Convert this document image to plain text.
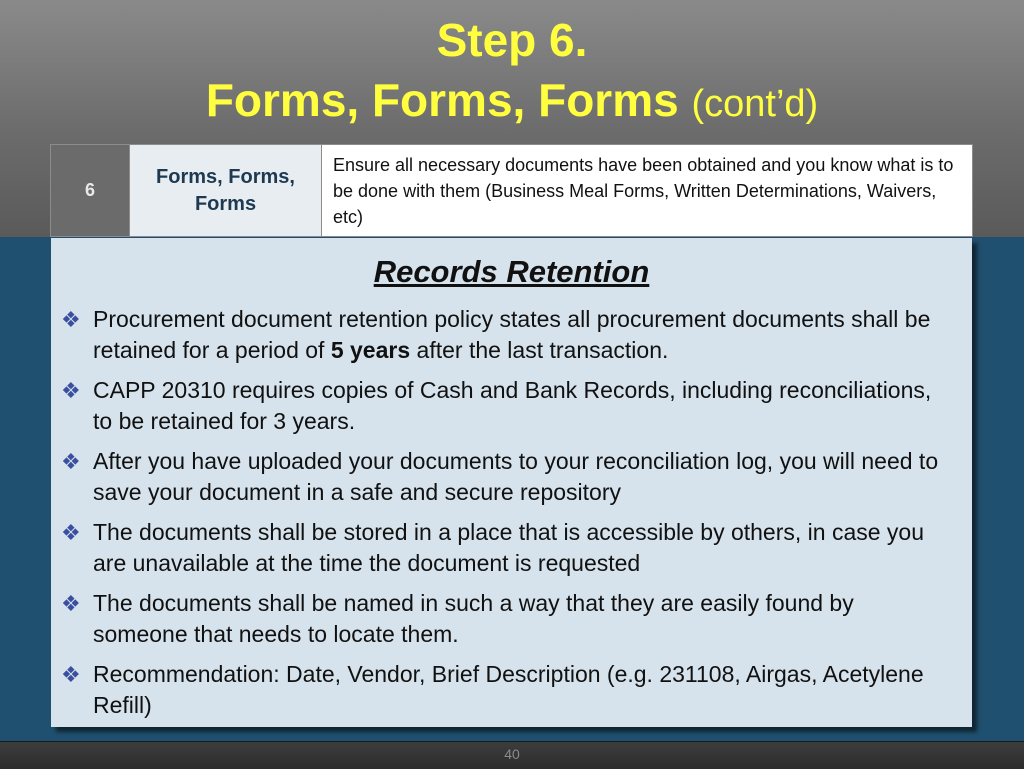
40
Step 6.
Forms, Forms, Forms (cont’d)
6
Forms, Forms, Forms
Ensure all necessary documents have been obtained and you know what is to be done with them (Business Meal Forms, Written Determinations, Waivers, etc)
Records Retention
❖ Procurement document retention policy states all procurement documents shall be retained for a period of 5 years after the last transaction.
❖ CAPP 20310 requires copies of Cash and Bank Records, including reconciliations, to be retained for 3 years.
❖ After you have uploaded your documents to your reconciliation log, you will need to save your document in a safe and secure repository
❖ The documents shall be stored in a place that is accessible by others, in case you are unavailable at the time the document is requested
❖ The documents shall be named in such a way that they are easily found by someone that needs to locate them.
❖ Recommendation: Date, Vendor, Brief Description (e.g. 231108, Airgas, Acetylene Refill)
